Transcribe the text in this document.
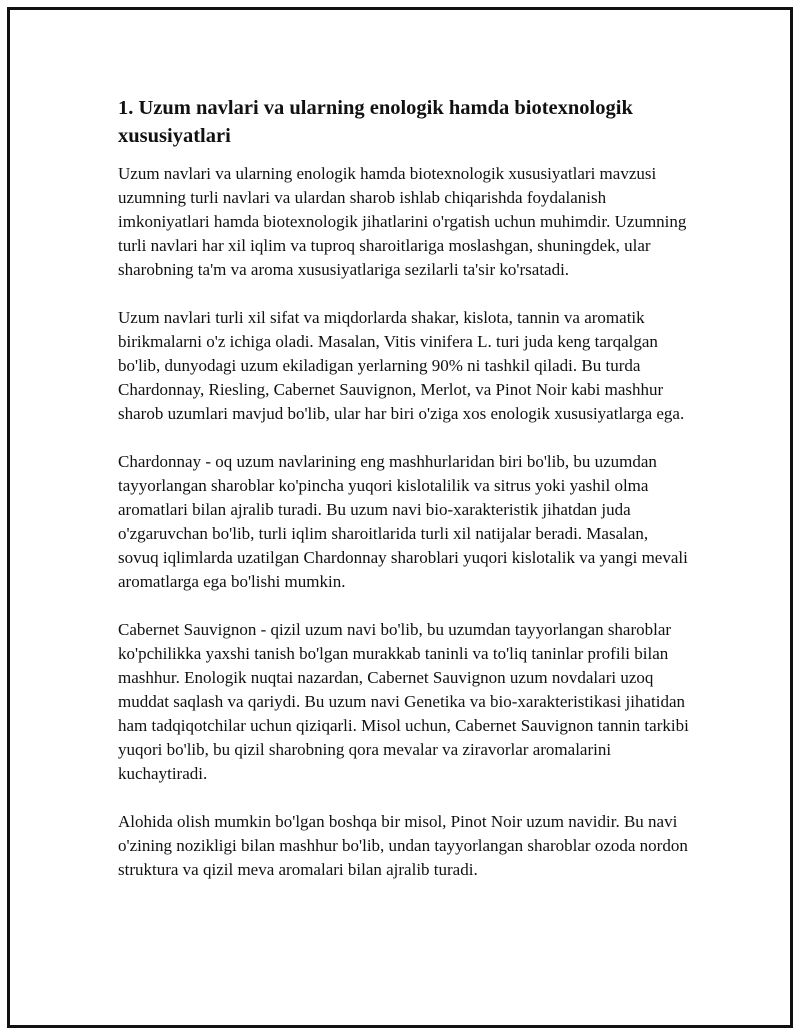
1. Uzum navlari va ularning enologik hamda biotexnologik xususiyatlari

Uzum navlari va ularning enologik hamda biotexnologik xususiyatlari mavzusi uzumning turli navlari va ulardan sharob ishlab chiqarishda foydalanish imkoniyatlari hamda biotexnologik jihatlarini o'rgatish uchun muhimdir. Uzumning turli navlari har xil iqlim va tuproq sharoitlariga moslashgan, shuningdek, ular sharobning ta'm va aroma xususiyatlariga sezilarli ta'sir ko'rsatadi.

Uzum navlari turli xil sifat va miqdorlarda shakar, kislota, tannin va aromatik birikmalarni o'z ichiga oladi. Masalan, Vitis vinifera L. turi juda keng tarqalgan bo'lib, dunyodagi uzum ekiladigan yerlarning 90% ni tashkil qiladi. Bu turda Chardonnay, Riesling, Cabernet Sauvignon, Merlot, va Pinot Noir kabi mashhur sharob uzumlari mavjud bo'lib, ular har biri o'ziga xos enologik xususiyatlarga ega.

Chardonnay - oq uzum navlarining eng mashhurlaridan biri bo'lib, bu uzumdan tayyorlangan sharoblar ko'pincha yuqori kislotalilik va sitrus yoki yashil olma aromatlari bilan ajralib turadi. Bu uzum navi bio-xarakteristik jihatdan juda o'zgaruvchan bo'lib, turli iqlim sharoitlarida turli xil natijalar beradi. Masalan, sovuq iqlimlarda uzatilgan Chardonnay sharoblari yuqori kislotalik va yangi mevali aromatlarga ega bo'lishi mumkin.

Cabernet Sauvignon - qizil uzum navi bo'lib, bu uzumdan tayyorlangan sharoblar ko'pchilikka yaxshi tanish bo'lgan murakkab taninli va to'liq taninlar profili bilan mashhur. Enologik nuqtai nazardan, Cabernet Sauvignon uzum novdalari uzoq muddat saqlash va qariydi. Bu uzum navi Genetika va bio-xarakteristikasi jihatidan ham tadqiqotchilar uchun qiziqarli. Misol uchun, Cabernet Sauvignon tannin tarkibi yuqori bo'lib, bu qizil sharobning qora mevalar va ziravorlar aromalarini kuchaytiradi.

Alohida olish mumkin bo'lgan boshqa bir misol, Pinot Noir uzum navidir. Bu navi o'zining nozikligi bilan mashhur bo'lib, undan tayyorlangan sharoblar ozoda nordon struktura va qizil meva aromalari bilan ajralib turadi.
